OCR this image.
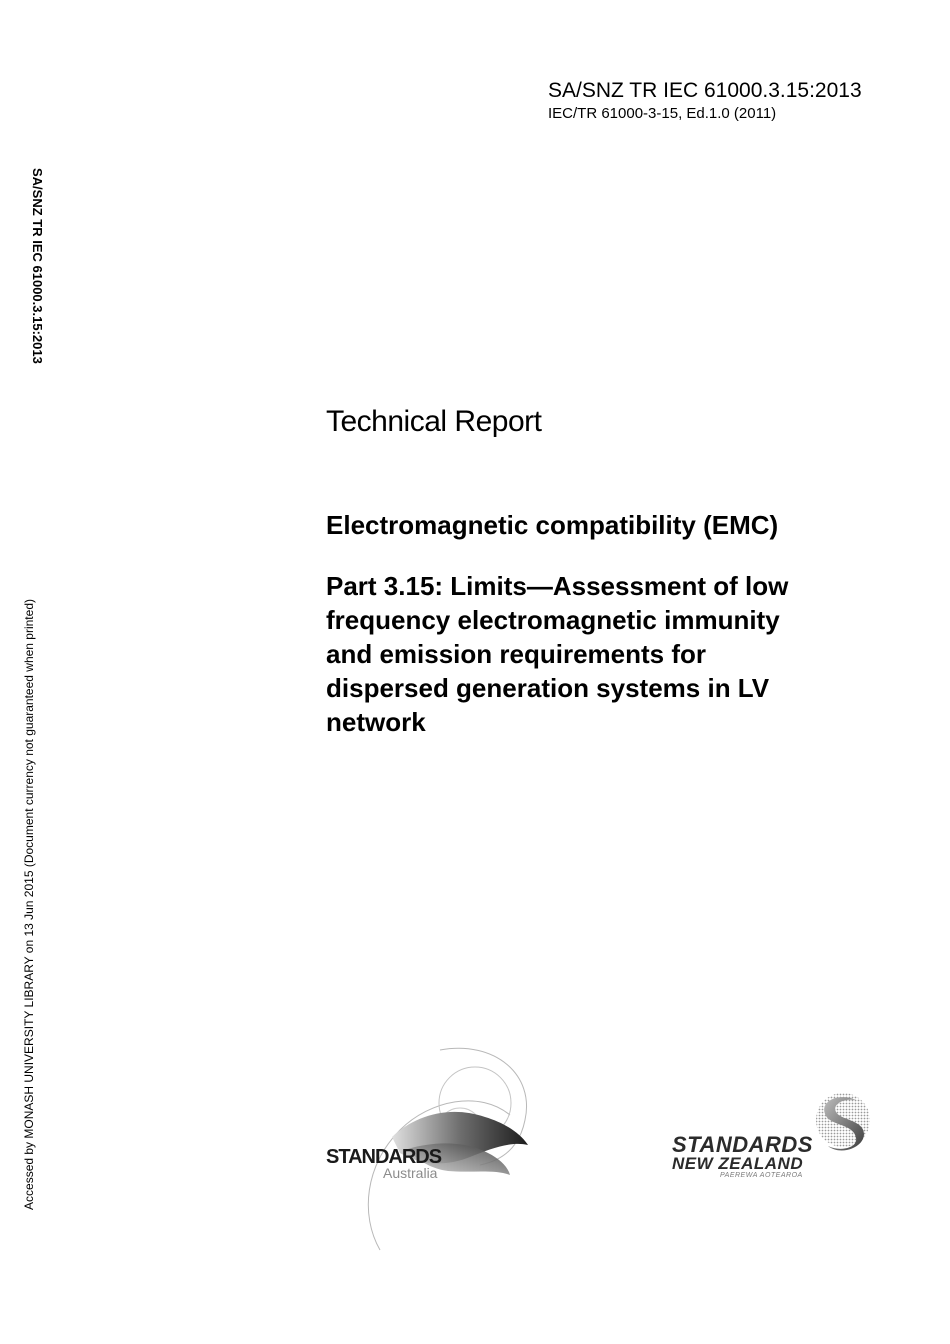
SA/SNZ TR IEC 61000.3.15:2013
IEC/TR 61000-3-15, Ed.1.0 (2011)
SA/SNZ TR IEC 61000.3.15:2013
Accessed by MONASH UNIVERSITY LIBRARY on 13 Jun 2015 (Document currency not guaranteed when printed)
Technical Report
Electromagnetic compatibility (EMC)
Part 3.15: Limits—Assessment of low
frequency electromagnetic immunity
and emission requirements for
dispersed generation systems in LV
network
STANDARDS
Australia
STANDARDS
NEW ZEALAND
PAEREWA AOTEAROA
